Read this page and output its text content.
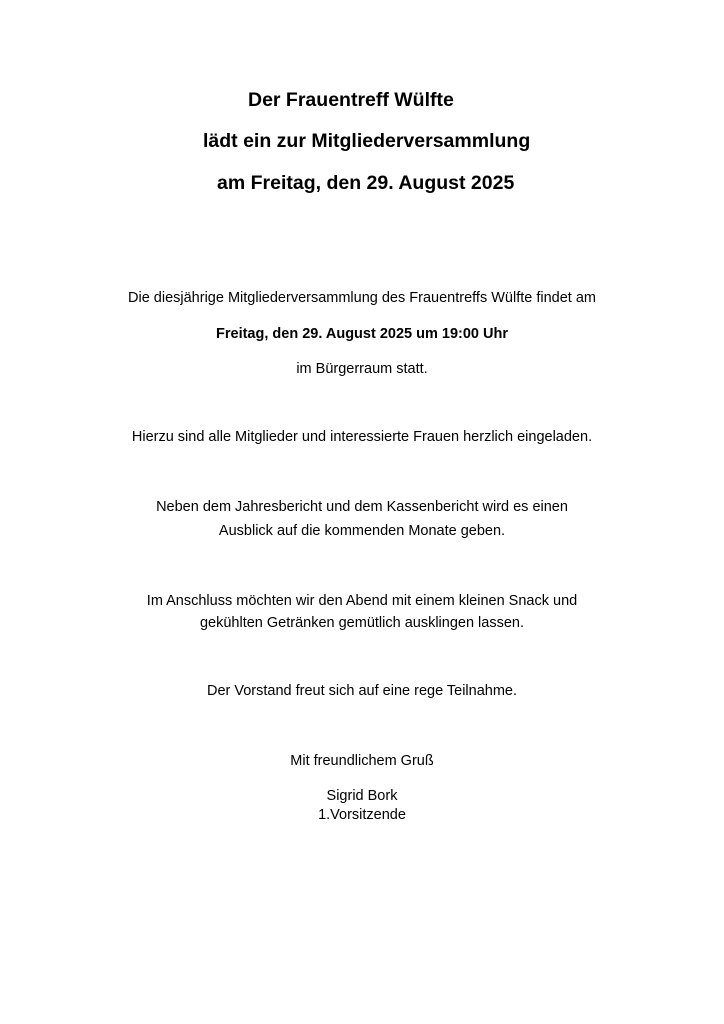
Der Frauentreff Wülfte
lädt ein zur Mitgliederversammlung
am Freitag, den 29. August 2025
Die diesjährige Mitgliederversammlung des Frauentreffs Wülfte findet am
Freitag, den 29. August 2025 um 19:00 Uhr
im Bürgerraum statt.
Hierzu sind alle Mitglieder und interessierte Frauen herzlich eingeladen.
Neben dem Jahresbericht und dem Kassenbericht wird es einen
Ausblick auf die kommenden Monate geben.
Im Anschluss möchten wir den Abend mit einem kleinen Snack und
gekühlten Getränken gemütlich ausklingen lassen.
Der Vorstand freut sich auf eine rege Teilnahme.
Mit freundlichem Gruß
Sigrid Bork
1.Vorsitzende
